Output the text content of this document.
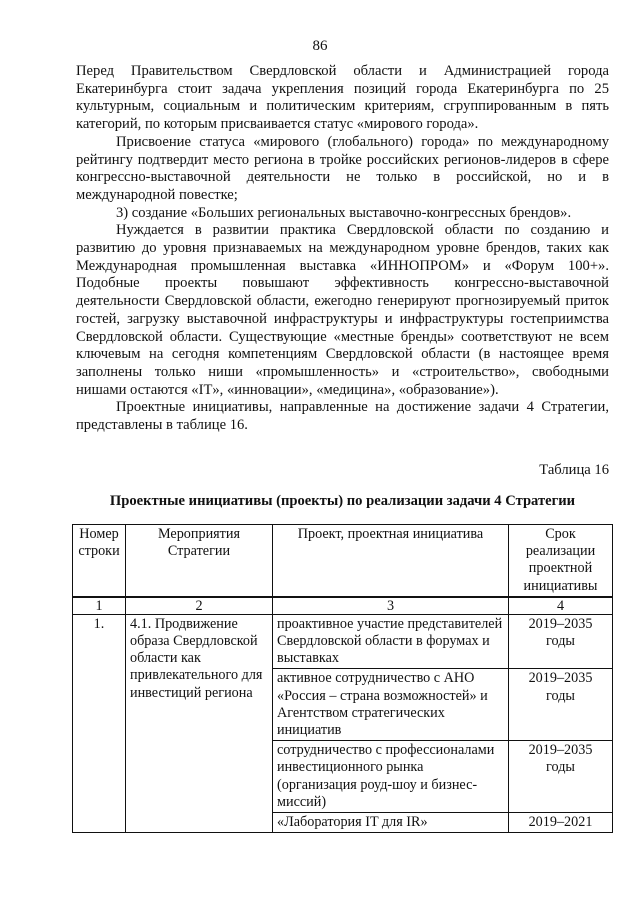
86

Перед Правительством Свердловской области и Администрацией города Екатеринбурга стоит задача укрепления позиций города Екатеринбурга по 25 культурным, социальным и политическим критериям, сгруппированным в пять категорий, по которым присваивается статус «мирового города».

Присвоение статуса «мирового (глобального) города» по международному рейтингу подтвердит место региона в тройке российских регионов-лидеров в сфере конгрессно-выставочной деятельности не только в российской, но и в международной повестке;

3) создание «Больших региональных выставочно-конгрессных брендов».

Нуждается в развитии практика Свердловской области по созданию и развитию до уровня признаваемых на международном уровне брендов, таких как Международная промышленная выставка «ИННОПРОМ» и «Форум 100+». Подобные проекты повышают эффективность конгрессно-выставочной деятельности Свердловской области, ежегодно генерируют прогнозируемый приток гостей, загрузку выставочной инфраструктуры и инфраструктуры гостеприимства Свердловской области. Существующие «местные бренды» соответствуют не всем ключевым на сегодня компетенциям Свердловской области (в настоящее время заполнены только ниши «промышленность» и «строительство», свободными нишами остаются «IT», «инновации», «медицина», «образование»).

Проектные инициативы, направленные на достижение задачи 4 Стратегии, представлены в таблице 16.

Таблица 16
Проектные инициативы (проекты) по реализации задачи 4 Стратегии
Номер строки	Мероприятия Стратегии	Проект, проектная инициатива	Срок реализации проектной инициативы
1	2	3	4
1.	4.1. Продвижение образа Свердловской области как привлекательного для инвестиций региона	проактивное участие представителей Свердловской области в форумах и выставках	2019–2035 годы
		активное сотрудничество с АНО «Россия – страна возможностей» и Агентством стратегических инициатив	2019–2035 годы
		сотрудничество с профессионалами инвестиционного рынка (организация роуд-шоу и бизнес-миссий)	2019–2035 годы
		«Лаборатория IT для IR»	2019–2021
